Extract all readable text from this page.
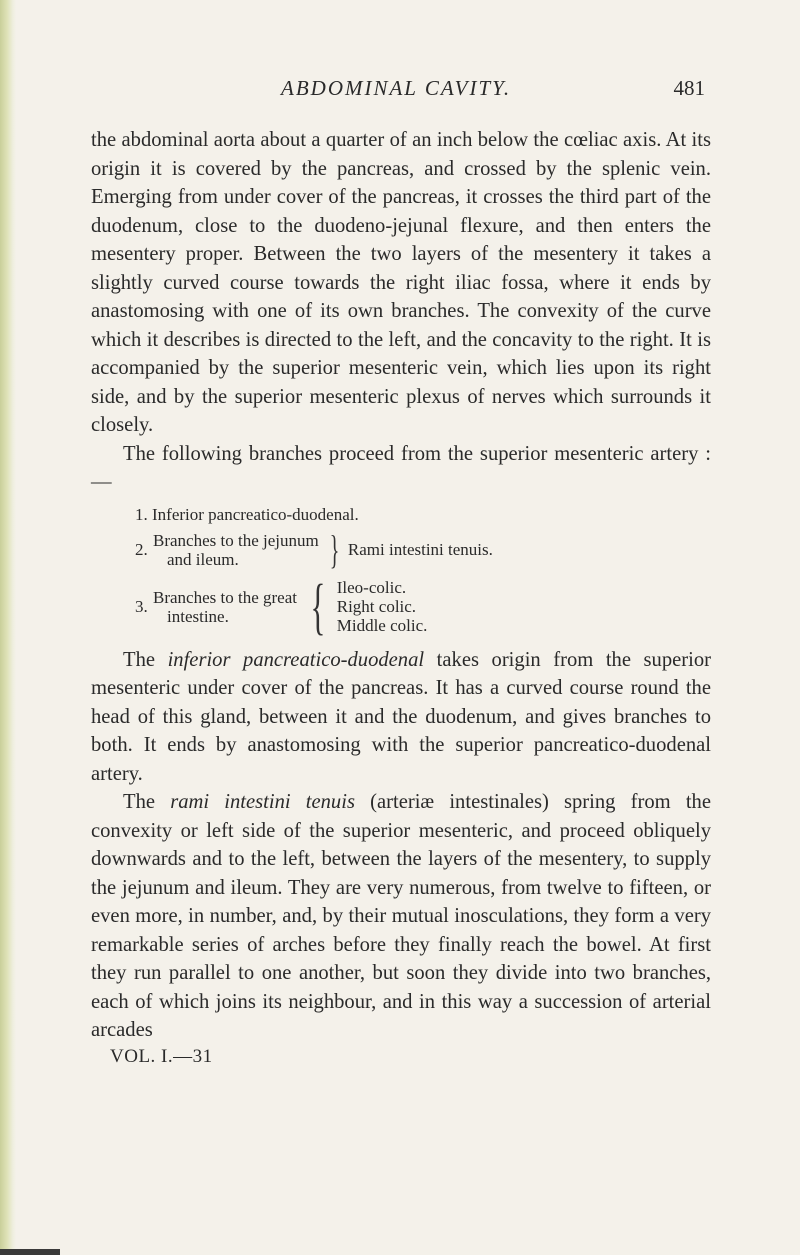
ABDOMINAL CAVITY.	481

the abdominal aorta about a quarter of an inch below the cœliac axis. At its origin it is covered by the pancreas, and crossed by the splenic vein. Emerging from under cover of the pancreas, it crosses the third part of the duodenum, close to the duodeno-jejunal flexure, and then enters the mesentery proper. Between the two layers of the mesentery it takes a slightly curved course towards the right iliac fossa, where it ends by anastomosing with one of its own branches. The convexity of the curve which it describes is directed to the left, and the concavity to the right. It is accompanied by the superior mesenteric vein, which lies upon its right side, and by the superior mesenteric plexus of nerves which surrounds it closely.

The following branches proceed from the superior mesenteric artery :—

1. Inferior pancreatico-duodenal.
2. Branches to the jejunum
and ileum.	} Rami intestini tenuis.
3. Branches to the great
intestine.	{ Ileo-colic.
Right colic.
Middle colic.

The inferior pancreatico-duodenal takes origin from the superior mesenteric under cover of the pancreas. It has a curved course round the head of this gland, between it and the duodenum, and gives branches to both. It ends by anastomosing with the superior pancreatico-duodenal artery.

The rami intestini tenuis (arteriæ intestinales) spring from the convexity or left side of the superior mesenteric, and proceed obliquely downwards and to the left, between the layers of the mesentery, to supply the jejunum and ileum. They are very numerous, from twelve to fifteen, or even more, in number, and, by their mutual inosculations, they form a very remarkable series of arches before they finally reach the bowel. At first they run parallel to one another, but soon they divide into two branches, each of which joins its neighbour, and in this way a succession of arterial arcades

VOL. I.—31
